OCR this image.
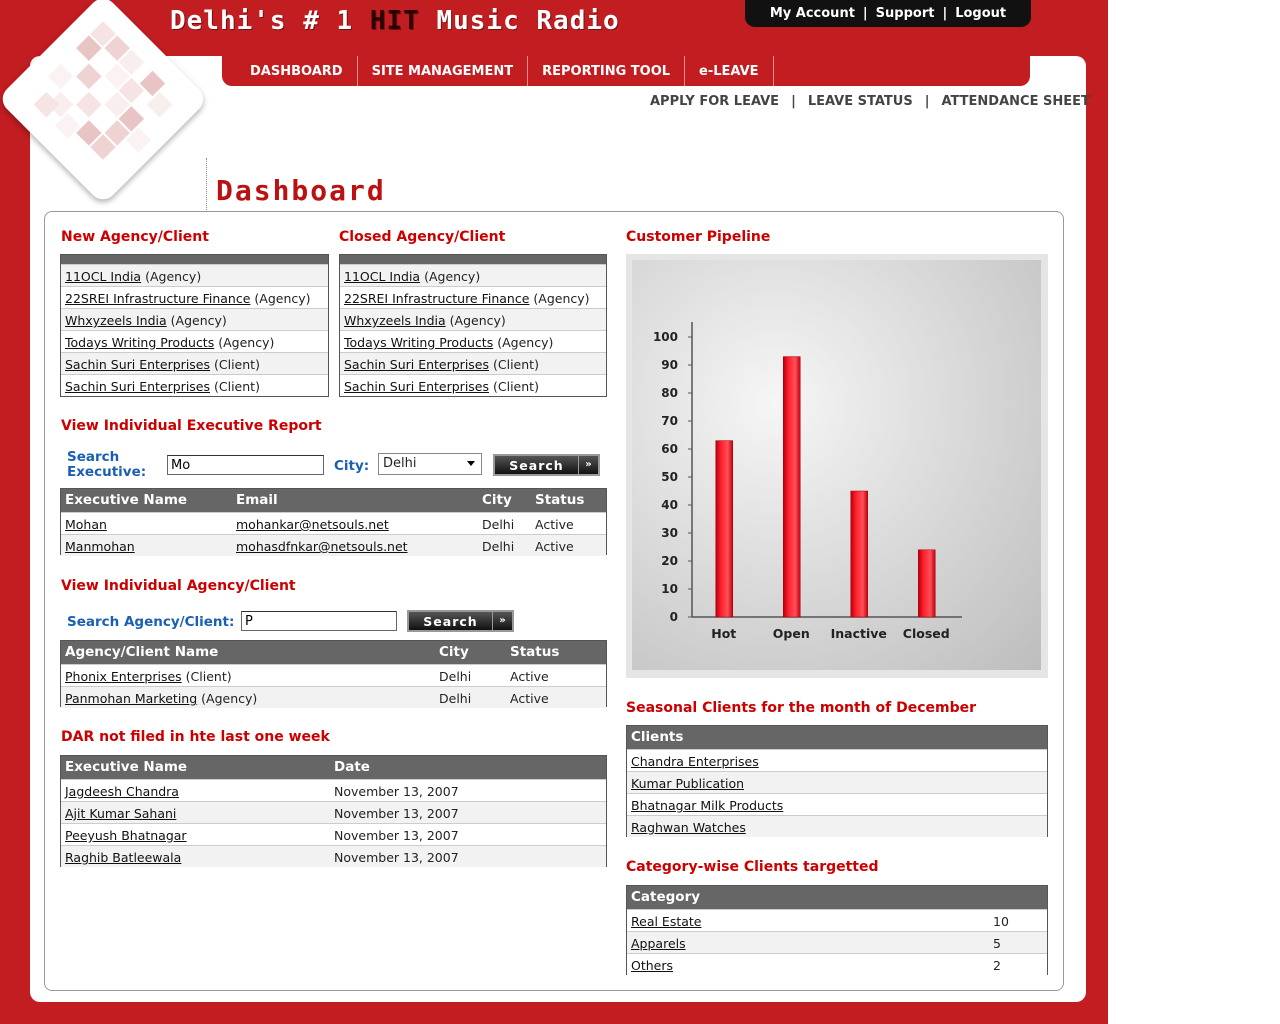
Delhi's # 1 HIT Music Radio	My Account | Support | Logout
DASHBOARD	SITE MANAGEMENT	REPORTING TOOL	e-LEAVE
APPLY FOR LEAVE | LEAVE STATUS | ATTENDANCE SHEET
Dashboard
New Agency/Client
11OCL India (Agency)
22SREI Infrastructure Finance (Agency)
Whxyzeels India (Agency)
Todays Writing Products (Agency)
Sachin Suri Enterprises (Client)
Sachin Suri Enterprises (Client)
Closed Agency/Client
11OCL India (Agency)
22SREI Infrastructure Finance (Agency)
Whxyzeels India (Agency)
Todays Writing Products (Agency)
Sachin Suri Enterprises (Client)
Sachin Suri Enterprises (Client)
View Individual Executive Report
Search Executive:
Mo	City:	Delhi	Search	»
Executive Name	Email	City	Status
Mohan	mohankar@netsouls.net	Delhi	Active
Manmohan	mohasdfnkar@netsouls.net	Delhi	Active
View Individual Agency/Client
Search Agency/Client:
P	Search	»
Agency/Client Name	City	Status
Phonix Enterprises (Client)	Delhi	Active
Panmohan Marketing (Agency)	Delhi	Active
DAR not filed in hte last one week
Executive Name	Date
Jagdeesh Chandra	November 13, 2007
Ajit Kumar Sahani	November 13, 2007
Peeyush Bhatnagar	November 13, 2007
Raghib Batleewala	November 13, 2007
Customer Pipeline
0
10
20
30
40
50
60
70
80
90
100
Hot	Open Inactive Closed
Seasonal Clients for the month of December
Clients
Chandra Enterprises
Kumar Publication
Bhatnagar Milk Products
Raghwan Watches
Category-wise Clients targetted
Category
Real Estate	10
Apparels	5
Others	2
